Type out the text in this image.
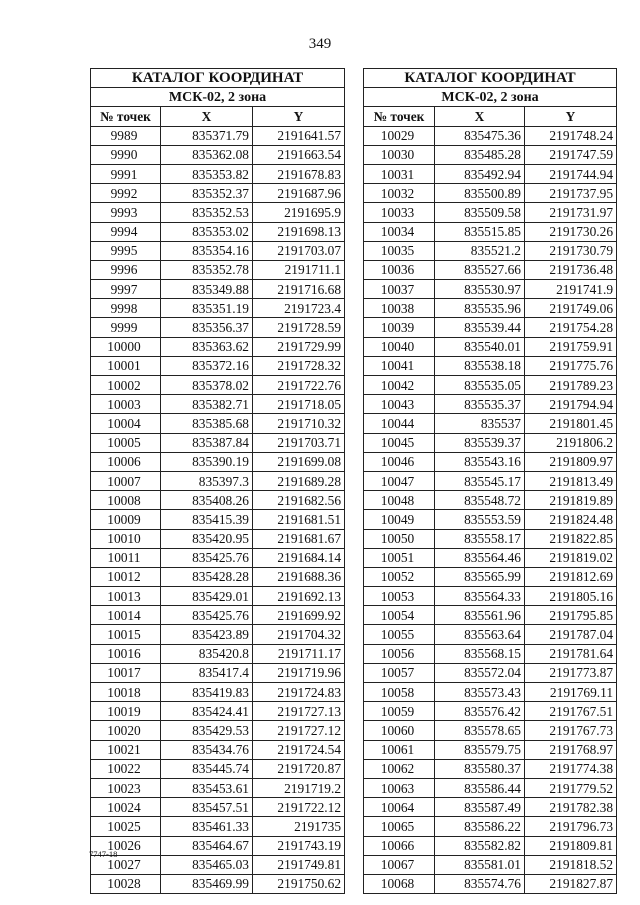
349
КАТАЛОГ КООРДИНАТ		
МСК-02, 2 зона		
№ точек	X	Y
9989	835371.79	2191641.57
9990	835362.08	2191663.54
9991	835353.82	2191678.83
9992	835352.37	2191687.96
9993	835352.53	2191695.9
9994	835353.02	2191698.13
9995	835354.16	2191703.07
9996	835352.78	2191711.1
9997	835349.88	2191716.68
9998	835351.19	2191723.4
9999	835356.37	2191728.59
10000	835363.62	2191729.99
10001	835372.16	2191728.32
10002	835378.02	2191722.76
10003	835382.71	2191718.05
10004	835385.68	2191710.32
10005	835387.84	2191703.71
10006	835390.19	2191699.08
10007	835397.3	2191689.28
10008	835408.26	2191682.56
10009	835415.39	2191681.51
10010	835420.95	2191681.67
10011	835425.76	2191684.14
10012	835428.28	2191688.36
10013	835429.01	2191692.13
10014	835425.76	2191699.92
10015	835423.89	2191704.32
10016	835420.8	2191711.17
10017	835417.4	2191719.96
10018	835419.83	2191724.83
10019	835424.41	2191727.13
10020	835429.53	2191727.12
10021	835434.76	2191724.54
10022	835445.74	2191720.87
10023	835453.61	2191719.2
10024	835457.51	2191722.12
10025	835461.33	2191735
10026	835464.67	2191743.19
10027	835465.03	2191749.81
10028	835469.99	2191750.62
КАТАЛОГ КООРДИНАТ		
МСК-02, 2 зона		
№ точек	X	Y
10029	835475.36	2191748.24
10030	835485.28	2191747.59
10031	835492.94	2191744.94
10032	835500.89	2191737.95
10033	835509.58	2191731.97
10034	835515.85	2191730.26
10035	835521.2	2191730.79
10036	835527.66	2191736.48
10037	835530.97	2191741.9
10038	835535.96	2191749.06
10039	835539.44	2191754.28
10040	835540.01	2191759.91
10041	835538.18	2191775.76
10042	835535.05	2191789.23
10043	835535.37	2191794.94
10044	835537	2191801.45
10045	835539.37	2191806.2
10046	835543.16	2191809.97
10047	835545.17	2191813.49
10048	835548.72	2191819.89
10049	835553.59	2191824.48
10050	835558.17	2191822.85
10051	835564.46	2191819.02
10052	835565.99	2191812.69
10053	835564.33	2191805.16
10054	835561.96	2191795.85
10055	835563.64	2191787.04
10056	835568.15	2191781.64
10057	835572.04	2191773.87
10058	835573.43	2191769.11
10059	835576.42	2191767.51
10060	835578.65	2191767.73
10061	835579.75	2191768.97
10062	835580.37	2191774.38
10063	835586.44	2191779.52
10064	835587.49	2191782.38
10065	835586.22	2191796.73
10066	835582.82	2191809.81
10067	835581.01	2191818.52
10068	835574.76	2191827.87
7747-18
